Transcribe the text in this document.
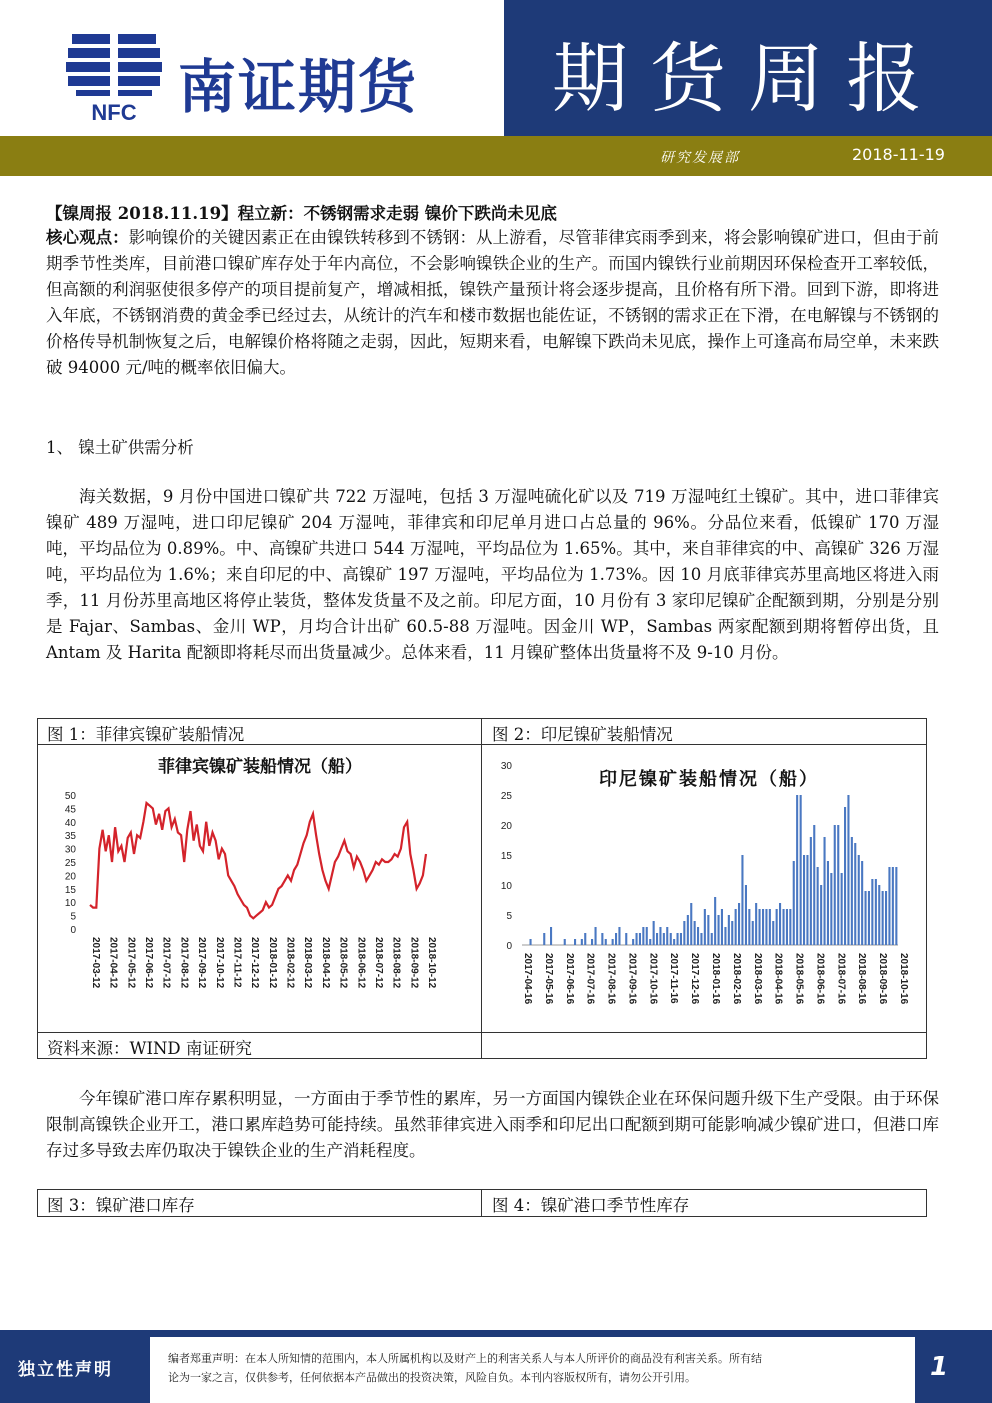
NFC 南证期货	期货周报
研究发展部	2018-11-19
【镍周报 2018.11.19】程立新：不锈钢需求走弱 镍价下跌尚未见底
核心观点：影响镍价的关键因素正在由镍铁转移到不锈钢：从上游看，尽管菲律宾雨季到来，将会影响镍矿进口，但由于前期季节性类库，目前港口镍矿库存处于年内高位，不会影响镍铁企业的生产。而国内镍铁行业前期因环保检查开工率较低，但高额的利润驱使很多停产的项目提前复产，增减相抵，镍铁产量预计将会逐步提高，且价格有所下滑。回到下游，即将进入年底，不锈钢消费的黄金季已经过去，从统计的汽车和楼市数据也能佐证，不锈钢的需求正在下滑，在电解镍与不锈钢的价格传导机制恢复之后，电解镍价格将随之走弱，因此，短期来看，电解镍下跌尚未见底，操作上可逢高布局空单，未来跌破 94000 元/吨的概率依旧偏大。
1、 镍土矿供需分析
海关数据，9 月份中国进口镍矿共 722 万湿吨，包括 3 万湿吨硫化矿以及 719 万湿吨红土镍矿。其中，进口菲律宾镍矿 489 万湿吨，进口印尼镍矿 204 万湿吨，菲律宾和印尼单月进口占总量的 96%。分品位来看，低镍矿 170 万湿吨，平均品位为 0.89%。中、高镍矿共进口 544 万湿吨，平均品位为 1.65%。其中，来自菲律宾的中、高镍矿 326 万湿吨，平均品位为 1.6%；来自印尼的中、高镍矿 197 万湿吨，平均品位为 1.73%。因 10 月底菲律宾苏里高地区将进入雨季，11 月份苏里高地区将停止装货，整体发货量不及之前。印尼方面，10 月份有 3 家印尼镍矿企配额到期，分别是分别是 Fajar、Sambas、金川 WP，月均合计出矿 60.5-88 万湿吨。因金川 WP，Sambas 两家配额到期将暂停出货，且 Antam 及 Harita 配额即将耗尽而出货量减少。总体来看，11 月镍矿整体出货量将不及 9-10 月份。
图 1：菲律宾镍矿装船情况	图 2：印尼镍矿装船情况
菲律宾镍矿装船情况（船）
0
5
10
15
20
25
30
35
40
45
50
2017-03-12 2017-04-12 2017-05-12 2017-06-12 2017-07-12 2017-08-12 2017-09-12 2017-10-12 2017-11-12 2017-12-12 2018-01-12 2018-02-12 2018-03-12 2018-04-12 2018-05-12 2018-06-12 2018-07-12 2018-08-12 2018-09-12 2018-10-12
印尼镍矿装船情况（船）
0
5
10
15
20
25
30
2017-04-16 2017-05-16 2017-06-16 2017-07-16 2017-08-16 2017-09-16 2017-10-16 2017-11-16 2017-12-16 2018-01-16 2018-02-16 2018-03-16 2018-04-16 2018-05-16 2018-06-16 2018-07-16 2018-08-16 2018-09-16 2018-10-16
资料来源：WIND 南证研究
今年镍矿港口库存累积明显，一方面由于季节性的累库，另一方面国内镍铁企业在环保问题升级下生产受限。由于环保限制高镍铁企业开工，港口累库趋势可能持续。虽然菲律宾进入雨季和印尼出口配额到期可能影响减少镍矿进口，但港口库存过多导致去库仍取决于镍铁企业的生产消耗程度。
图 3：镍矿港口库存	图 4：镍矿港口季节性库存
独立性声明
编者郑重声明：在本人所知情的范围内，本人所属机构以及财产上的利害关系人与本人所评价的商品没有利害关系。所有结
论为一家之言，仅供参考，任何依据本产品做出的投资决策，风险自负。本刊内容版权所有，请勿公开引用。	1
